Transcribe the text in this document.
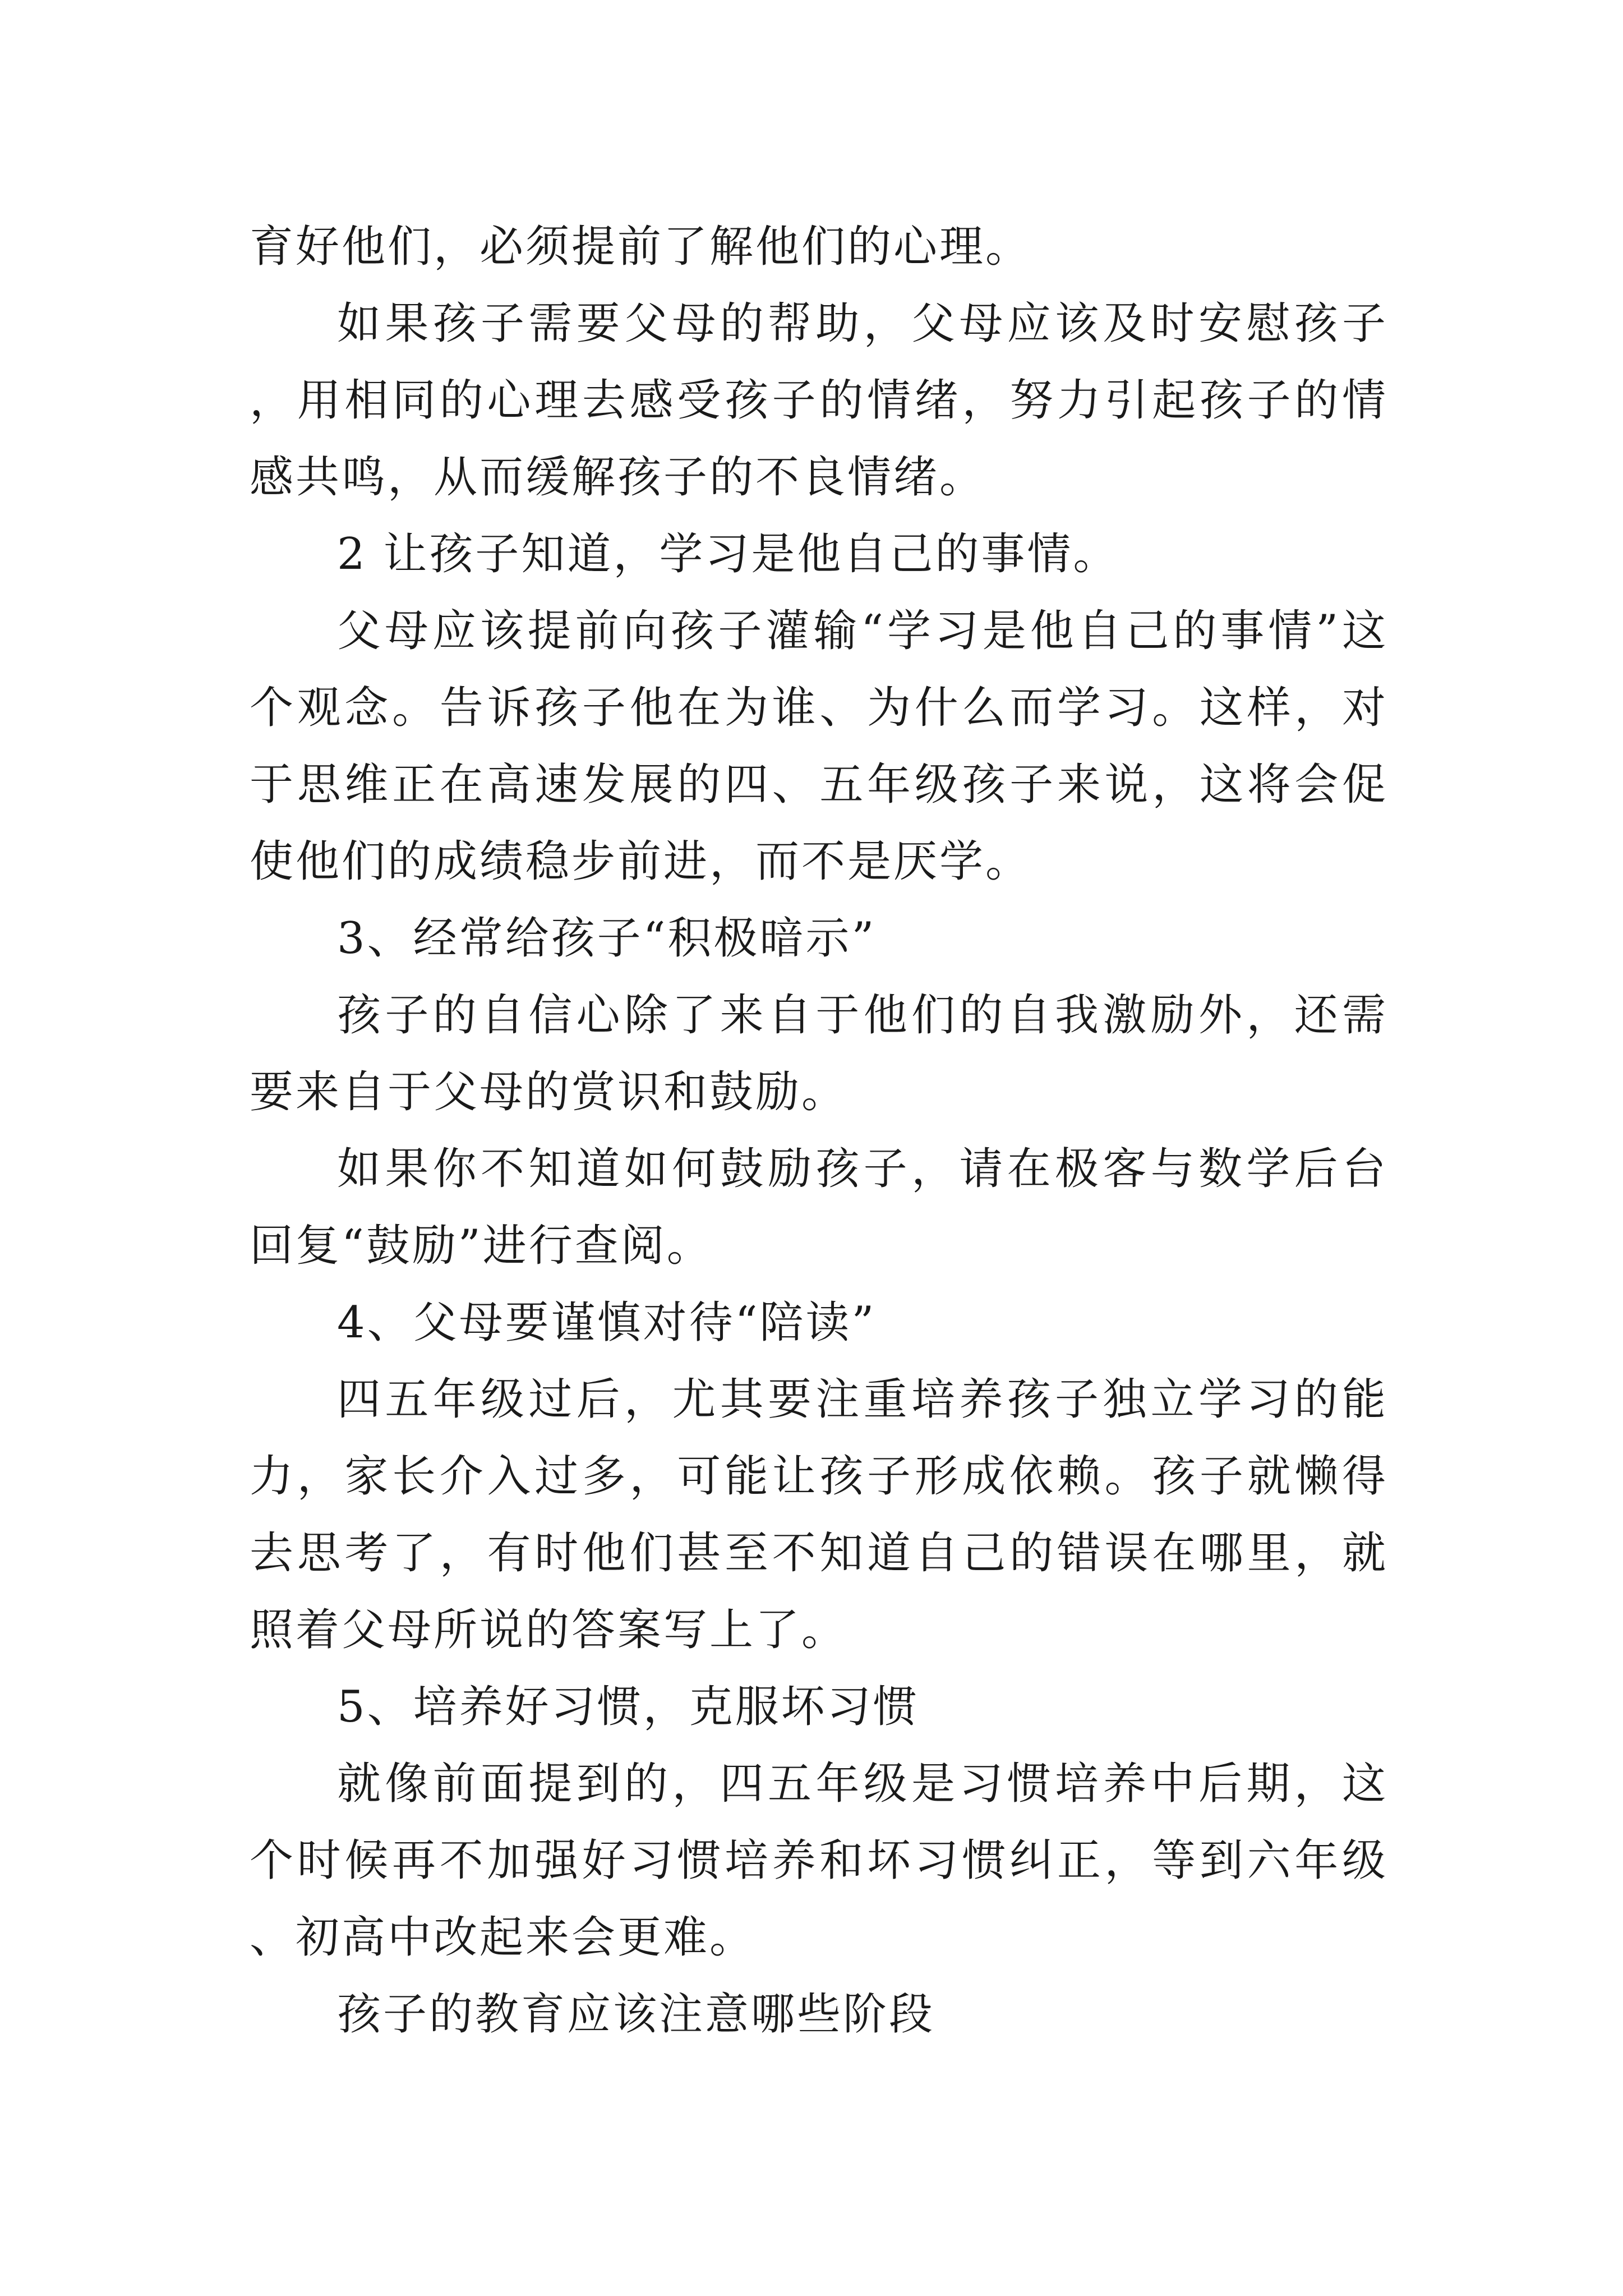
育好他们，必须提前了解他们的心理。

如果孩子需要父母的帮助，父母应该及时安慰孩子，用相同的心理去感受孩子的情绪，努力引起孩子的情感共鸣，从而缓解孩子的不良情绪。

2 让孩子知道，学习是他自己的事情。

父母应该提前向孩子灌输“学习是他自己的事情”这个观念。告诉孩子他在为谁、为什么而学习。这样，对于思维正在高速发展的四、五年级孩子来说，这将会促使他们的成绩稳步前进，而不是厌学。

3、经常给孩子“积极暗示”

孩子的自信心除了来自于他们的自我激励外，还需要来自于父母的赏识和鼓励。

如果你不知道如何鼓励孩子，请在极客与数学后台回复“鼓励”进行查阅。

4、父母要谨慎对待“陪读”

四五年级过后，尤其要注重培养孩子独立学习的能力，家长介入过多，可能让孩子形成依赖。孩子就懒得去思考了，有时他们甚至不知道自己的错误在哪里，就照着父母所说的答案写上了。

5、培养好习惯，克服坏习惯

就像前面提到的，四五年级是习惯培养中后期，这个时候再不加强好习惯培养和坏习惯纠正，等到六年级、初高中改起来会更难。

孩子的教育应该注意哪些阶段
